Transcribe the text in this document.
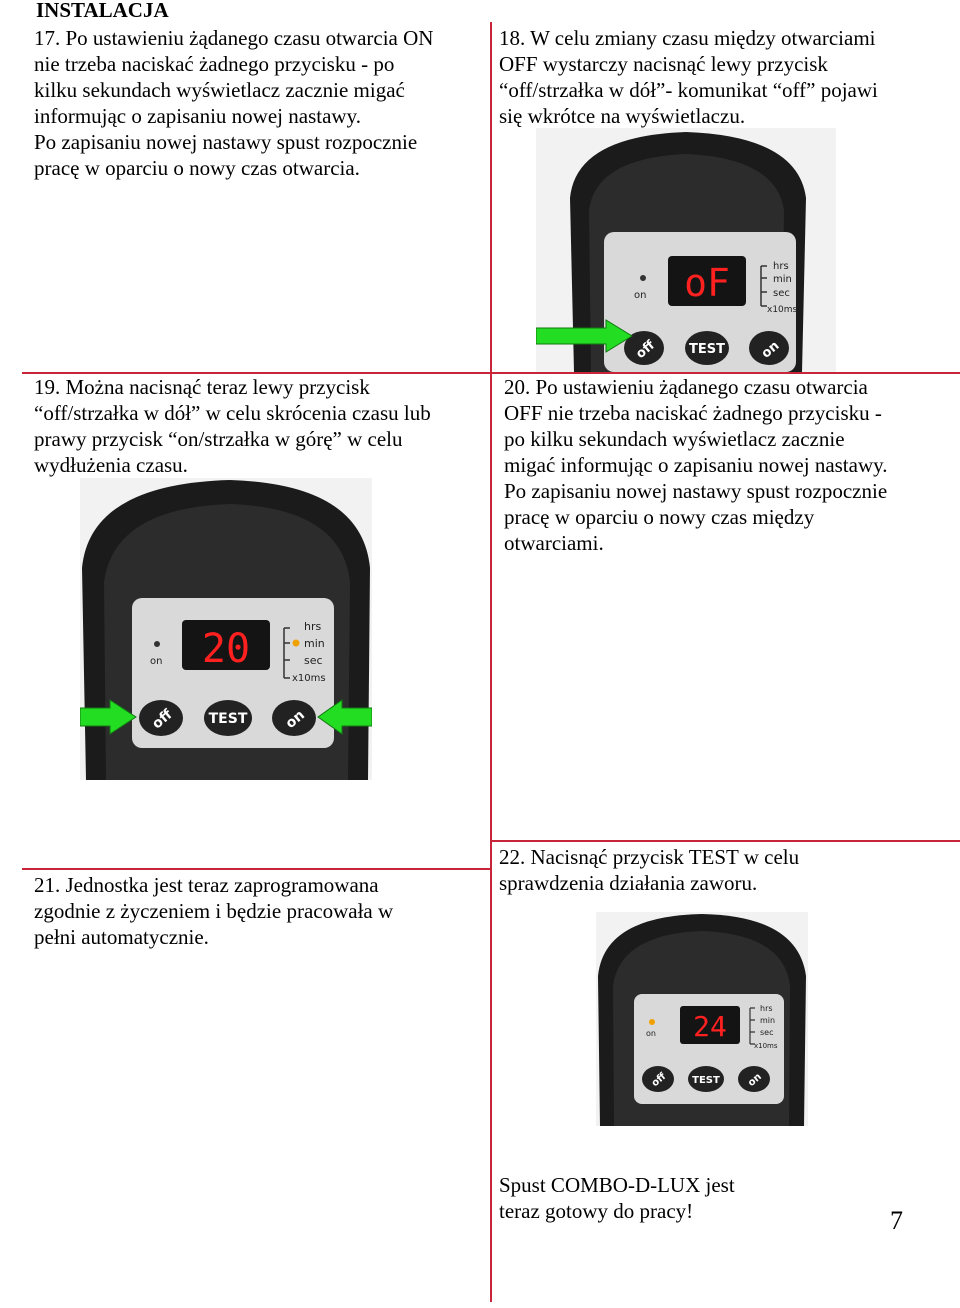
INSTALACJA
17. Po ustawieniu żądanego czasu otwarcia ON
nie trzeba naciskać żadnego przycisku - po
kilku sekundach wyświetlacz zacznie migać
informując o zapisaniu nowej nastawy.
Po zapisaniu nowej nastawy spust rozpocznie
pracę w oparciu o nowy czas otwarcia.
18. W celu zmiany czasu między otwarciami
OFF wystarczy nacisnąć lewy przycisk
“off/strzałka w dół”- komunikat “off” pojawi
się wkrótce na wyświetlaczu.
19. Można nacisnąć teraz lewy przycisk
“off/strzałka w dół” w celu skrócenia czasu lub
prawy przycisk “on/strzałka w górę” w celu
wydłużenia czasu.
20. Po ustawieniu żądanego czasu otwarcia
OFF nie trzeba naciskać żadnego przycisku -
po kilku sekundach wyświetlacz zacznie
migać informując o zapisaniu nowej nastawy.
Po zapisaniu nowej nastawy spust rozpocznie
pracę w oparciu o nowy czas między
otwarciami.
21. Jednostka jest teraz zaprogramowana
zgodnie z życzeniem i będzie pracowała w
pełni automatycznie.
22. Nacisnąć przycisk TEST w celu
sprawdzenia działania zaworu.
Spust COMBO-D-LUX jest
teraz gotowy do pracy!	7
oF
on
hrs
min
sec
x10ms
off TEST	on
20
on
hrs
min
sec
x10ms
off TEST	on
24
on
hrs
min
sec
x10ms
off TEST	on
